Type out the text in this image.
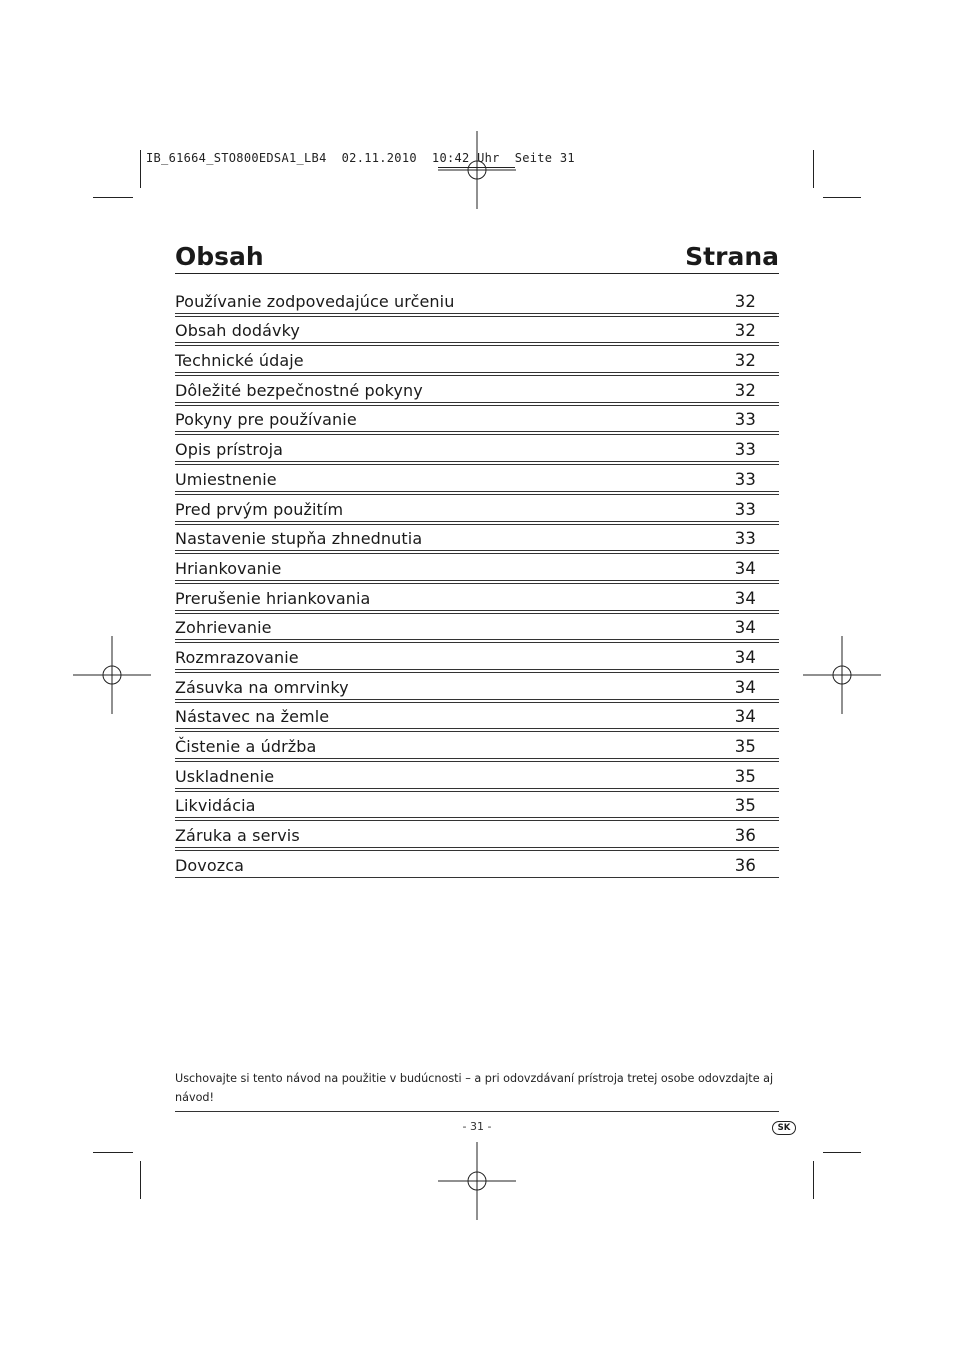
IB_61664_STO800EDSA1_LB4  02.11.2010  10:42 Uhr  Seite 31
Obsah	Strana
Používanie zodpovedajúce určeniu	32
Obsah dodávky	32
Technické údaje	32
Dôležité bezpečnostné pokyny	32
Pokyny pre používanie	33
Opis prístroja	33
Umiestnenie	33
Pred prvým použitím	33
Nastavenie stupňa zhnednutia	33
Hriankovanie	34
Prerušenie hriankovania	34
Zohrievanie	34
Rozmrazovanie	34
Zásuvka na omrvinky	34
Nástavec na žemle	34
Čistenie a údržba	35
Uskladnenie	35
Likvidácia	35
Záruka a servis	36
Dovozca	36
Uschovajte si tento návod na použitie v budúcnosti – a pri odovzdávaní prístroja tretej osobe odovzdajte aj návod!
- 31 -	SK
